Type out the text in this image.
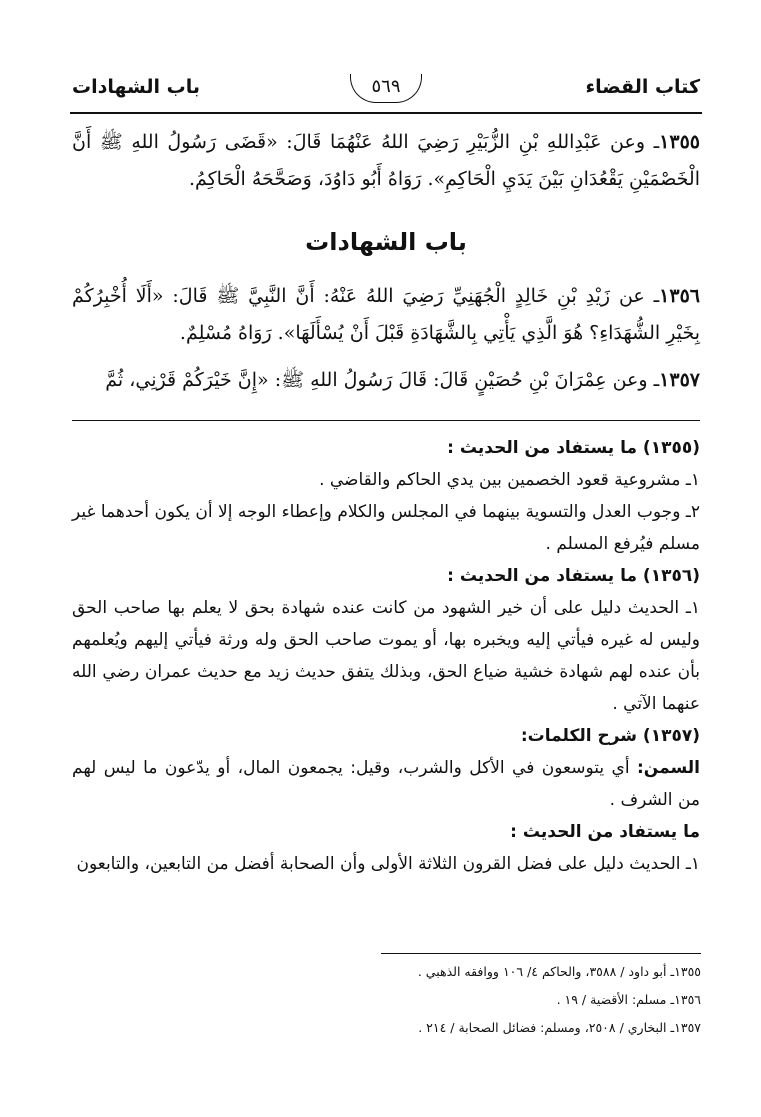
كتاب القضاء
٥٦٩
باب الشهادات
١٣٥٥ـ وعن عَبْدِاللهِ بْنِ الزُّبَيْرِ رَضِيَ اللهُ عَنْهُمَا قَالَ: «قَضَى رَسُولُ اللهِ ﷺ أَنَّ الْخَصْمَيْنِ يَقْعُدَانِ بَيْنَ يَدَيِ الْحَاكِمِ». رَوَاهُ أَبُو دَاوُدَ، وَصَحَّحَهُ الْحَاكِمُ.
باب الشهادات
١٣٥٦ـ عن زَيْدِ بْنِ خَالِدٍ الْجُهَنِيِّ رَضِيَ اللهُ عَنْهُ: أَنَّ النَّبِيَّ ﷺ قَالَ: «أَلَا أُخْبِرُكُمْ بِخَيْرِ الشُّهَدَاءِ؟ هُوَ الَّذِي يَأْتِي بِالشَّهَادَةِ قَبْلَ أَنْ يُسْأَلَهَا». رَوَاهُ مُسْلِمٌ.
١٣٥٧ـ وعن عِمْرَانَ بْنِ حُصَيْنٍ قَالَ: قَالَ رَسُولُ اللهِ ﷺ: «إِنَّ خَيْرَكُمْ قَرْنِي، ثُمَّ
(١٣٥٥) ما يستفاد من الحديث :

١ـ مشروعية قعود الخصمين بين يدي الحاكم والقاضي .

٢ـ وجوب العدل والتسوية بينهما في المجلس والكلام وإعطاء الوجه إلا أن يكون أحدهما غير مسلم فيُرفع المسلم .

(١٣٥٦) ما يستفاد من الحديث :

١ـ الحديث دليل على أن خير الشهود من كانت عنده شهادة بحق لا يعلم بها صاحب الحق وليس له غيره فيأتي إليه ويخبره بها، أو يموت صاحب الحق وله ورثة فيأتي إليهم ويُعلمهم بأن عنده لهم شهادة خشية ضياع الحق، وبذلك يتفق حديث زيد مع حديث عمران رضي الله عنهما الآتي .

(١٣٥٧) شرح الكلمات:

السمن: أي يتوسعون في الأكل والشرب، وقيل: يجمعون المال، أو يدّعون ما ليس لهم من الشرف .

ما يستفاد من الحديث :

١ـ الحديث دليل على فضل القرون الثلاثة الأولى وأن الصحابة أفضل من التابعين، والتابعون

١٣٥٥ـ أبو داود / ٣٥٨٨، والحاكم ٤/ ١٠٦ ووافقه الذهبي .
١٣٥٦ـ مسلم: الأقضية / ١٩ .
١٣٥٧ـ البخاري / ٢٥٠٨، ومسلم: فضائل الصحابة / ٢١٤ .
